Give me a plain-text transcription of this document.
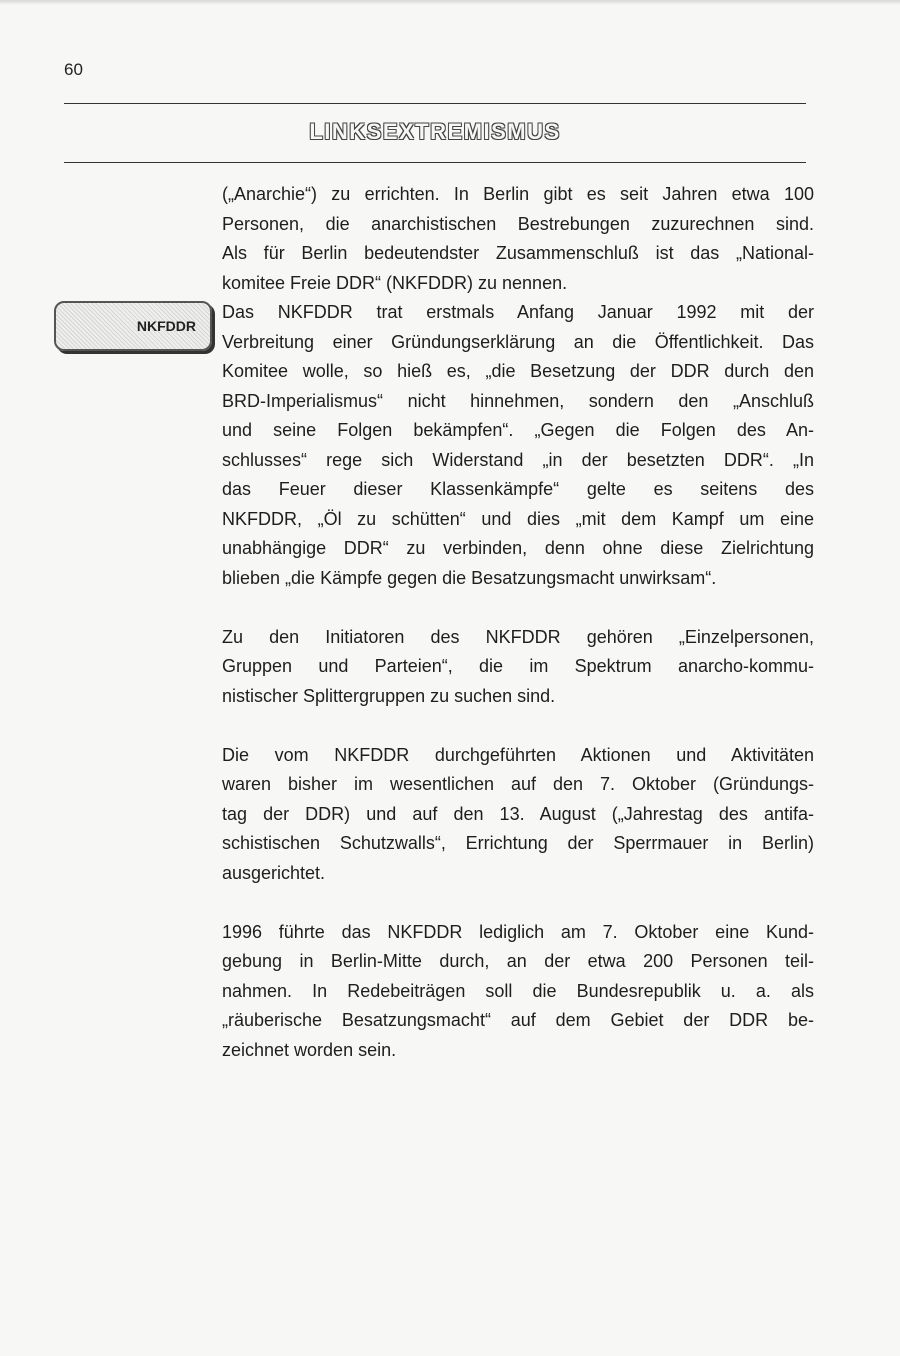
60
LINKSEXTREMISMUS
NKFDDR
(„Anarchie“) zu errichten. In Berlin gibt es seit Jahren etwa 100
Personen, die anarchistischen Bestrebungen zuzurechnen sind.
Als für Berlin bedeutendster Zusammenschluß ist das „National-
komitee Freie DDR“ (NKFDDR) zu nennen.
Das NKFDDR trat erstmals Anfang Januar 1992 mit der
Verbreitung einer Gründungserklärung an die Öffentlichkeit. Das
Komitee wolle, so hieß es, „die Besetzung der DDR durch den
BRD-Imperialismus“ nicht hinnehmen, sondern den „Anschluß
und seine Folgen bekämpfen“. „Gegen die Folgen des An-
schlusses“ rege sich Widerstand „in der besetzten DDR“. „In
das Feuer dieser Klassenkämpfe“ gelte es seitens des
NKFDDR, „Öl zu schütten“ und dies „mit dem Kampf um eine
unabhängige DDR“ zu verbinden, denn ohne diese Zielrichtung
blieben „die Kämpfe gegen die Besatzungsmacht unwirksam“.
Zu den Initiatoren des NKFDDR gehören „Einzelpersonen,
Gruppen und Parteien“, die im Spektrum anarcho-kommu-
nistischer Splittergruppen zu suchen sind.
Die vom NKFDDR durchgeführten Aktionen und Aktivitäten
waren bisher im wesentlichen auf den 7. Oktober (Gründungs-
tag der DDR) und auf den 13. August („Jahrestag des antifa-
schistischen Schutzwalls“, Errichtung der Sperrmauer in Berlin)
ausgerichtet.
1996 führte das NKFDDR lediglich am 7. Oktober eine Kund-
gebung in Berlin-Mitte durch, an der etwa 200 Personen teil-
nahmen. In Redebeiträgen soll die Bundesrepublik u. a. als
„räuberische Besatzungsmacht“ auf dem Gebiet der DDR be-
zeichnet worden sein.
